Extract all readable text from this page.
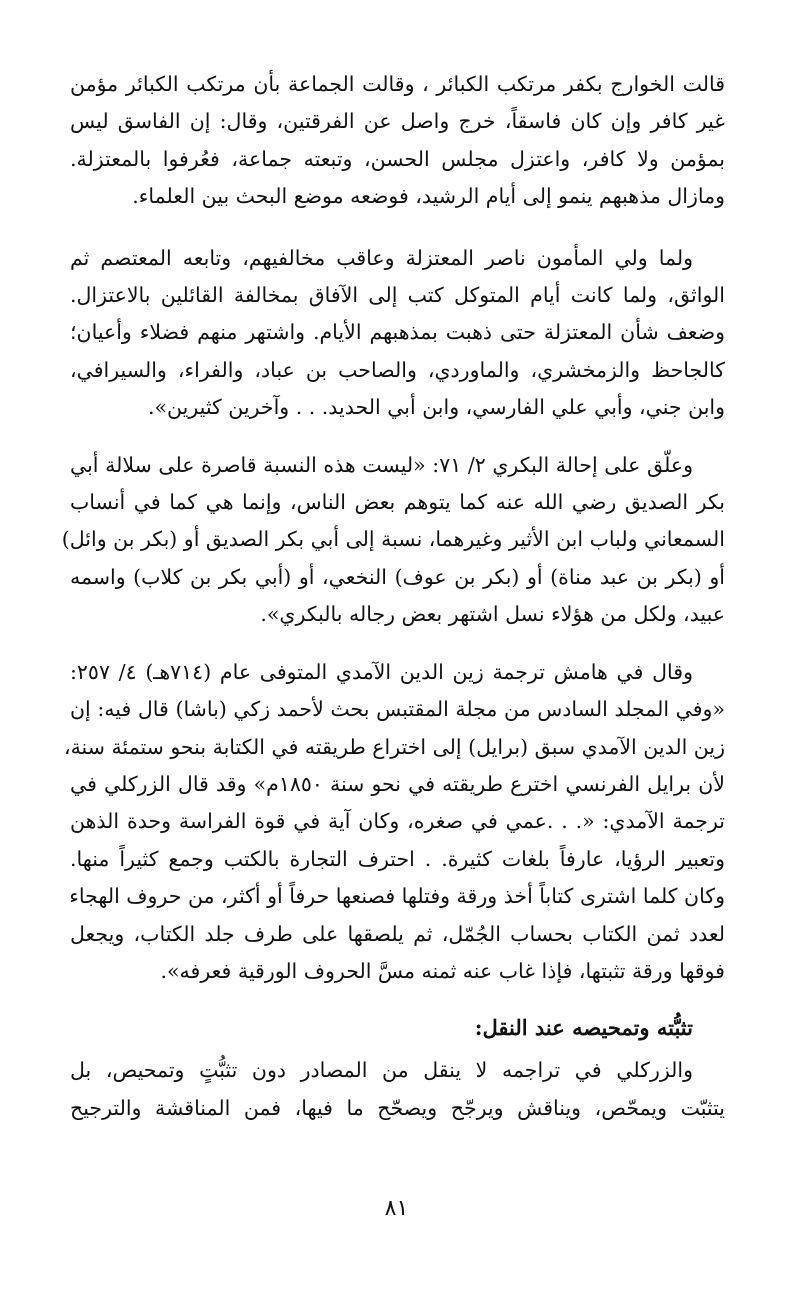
قالت الخوارج بكفر مرتكب الكبائر ، وقالت الجماعة بأن مرتكب الكبائر مؤمن
غير كافر وإن كان فاسقاً، خرج واصل عن الفرقتين، وقال: إن الفاسق ليس
بمؤمن ولا كافر، واعتزل مجلس الحسن، وتبعته جماعة، فعُرفوا بالمعتزلة.
ومازال مذهبهم ينمو إلى أيام الرشيد، فوضعه موضع البحث بين العلماء.
ولما ولي المأمون ناصر المعتزلة وعاقب مخالفيهم، وتابعه المعتصم ثم
الواثق، ولما كانت أيام المتوكل كتب إلى الآفاق بمخالفة القائلين بالاعتزال.
وضعف شأن المعتزلة حتى ذهبت بمذهبهم الأيام. واشتهر منهم فضلاء وأعيان؛
كالجاحظ والزمخشري، والماوردي، والصاحب بن عباد، والفراء، والسيرافي،
وابن جني، وأبي علي الفارسي، وابن أبي الحديد. . . وآخرين كثيرين».
وعلّق على إحالة البكري ٢/ ٧١: «ليست هذه النسبة قاصرة على سلالة أبي
بكر الصديق رضي الله عنه كما يتوهم بعض الناس، وإنما هي كما في أنساب
السمعاني ولباب ابن الأثير وغيرهما، نسبة إلى أبي بكر الصديق أو (بكر بن وائل)
أو (بكر بن عبد مناة) أو (بكر بن عوف) النخعي، أو (أبي بكر بن كلاب) واسمه
عبيد، ولكل من هؤلاء نسل اشتهر بعض رجاله بالبكري».
وقال في هامش ترجمة زين الدين الآمدي المتوفى عام (٧١٤هـ) ٤/ ٢٥٧:
«وفي المجلد السادس من مجلة المقتبس بحث لأحمد زكي (باشا) قال فيه: إن
زين الدين الآمدي سبق (برايل) إلى اختراع طريقته في الكتابة بنحو ستمئة سنة،
لأن برايل الفرنسي اخترع طريقته في نحو سنة ١٨٥٠م» وقد قال الزركلي في
ترجمة الآمدي: «. . .عمي في صغره، وكان آية في قوة الفراسة وحدة الذهن
وتعبير الرؤيا، عارفاً بلغات كثيرة. . احترف التجارة بالكتب وجمع كثيراً منها.
وكان كلما اشترى كتاباً أخذ ورقة وفتلها فصنعها حرفاً أو أكثر، من حروف الهجاء
لعدد ثمن الكتاب بحساب الجُمّل، ثم يلصقها على طرف جلد الكتاب، ويجعل
فوقها ورقة تثبتها، فإذا غاب عنه ثمنه مسَّ الحروف الورقية فعرفه».
تثبُّته وتمحيصه عند النقل:
والزركلي في تراجمه لا ينقل من المصادر دون تثبُّتٍ وتمحيص، بل
يتثبّت ويمحّص، ويناقش ويرجّح ويصحّح ما فيها، فمن المناقشة والترجيح
٨١
